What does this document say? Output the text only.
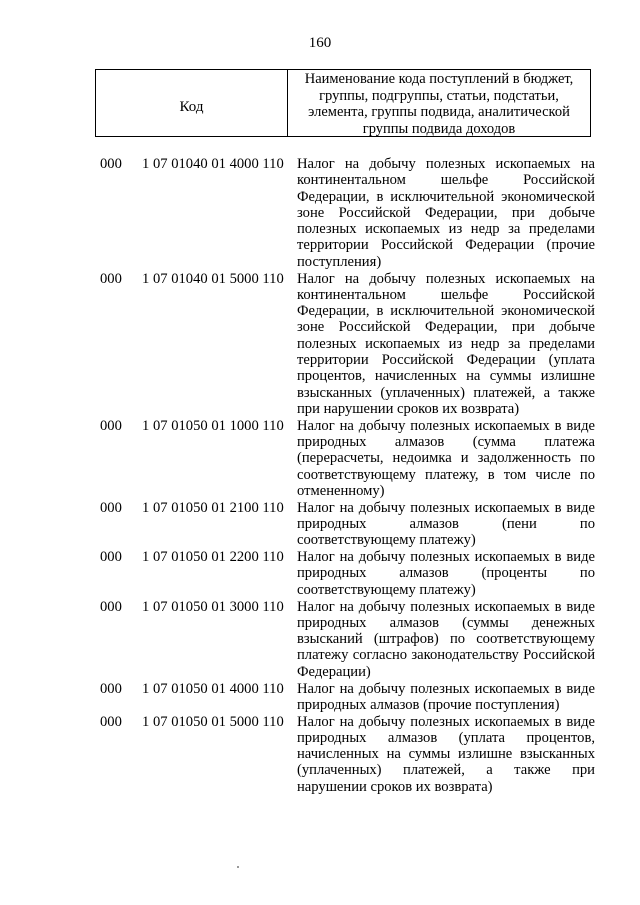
160
Код
Наименование кода поступлений в бюджет, группы, подгруппы, статьи, подстатьи, элемента, группы подвида, аналитической группы подвида доходов
000	1 07 01040 01 4000 110 Налог на добычу полезных ископаемых на континентальном шельфе Российской Федерации, в исключительной экономической зоне Российской Федерации, при добыче полезных ископаемых из недр за пределами территории Российской Федерации (прочие поступления)
000	1 07 01040 01 5000 110 Налог на добычу полезных ископаемых на континентальном шельфе Российской Федерации, в исключительной экономической зоне Российской Федерации, при добыче полезных ископаемых из недр за пределами территории Российской Федерации (уплата процентов, начисленных на суммы излишне взысканных (уплаченных) платежей, а также при нарушении сроков их возврата)
000	1 07 01050 01 1000 110 Налог на добычу полезных ископаемых в виде природных алмазов (сумма платежа (перерасчеты, недоимка и задолженность по соответствующему платежу, в том числе по отмененному)
000	1 07 01050 01 2100 110 Налог на добычу полезных ископаемых в виде природных алмазов (пени по соответствующему платежу)
000	1 07 01050 01 2200 110 Налог на добычу полезных ископаемых в виде природных алмазов (проценты по соответствующему платежу)
000	1 07 01050 01 3000 110 Налог на добычу полезных ископаемых в виде природных алмазов (суммы денежных взысканий (штрафов) по соответствующему платежу согласно законодательству Российской Федерации)
000	1 07 01050 01 4000 110 Налог на добычу полезных ископаемых в виде природных алмазов (прочие поступления)
000	1 07 01050 01 5000 110 Налог на добычу полезных ископаемых в виде природных алмазов (уплата процентов, начисленных на суммы излишне взысканных (уплаченных) платежей, а также при нарушении сроков их возврата)
